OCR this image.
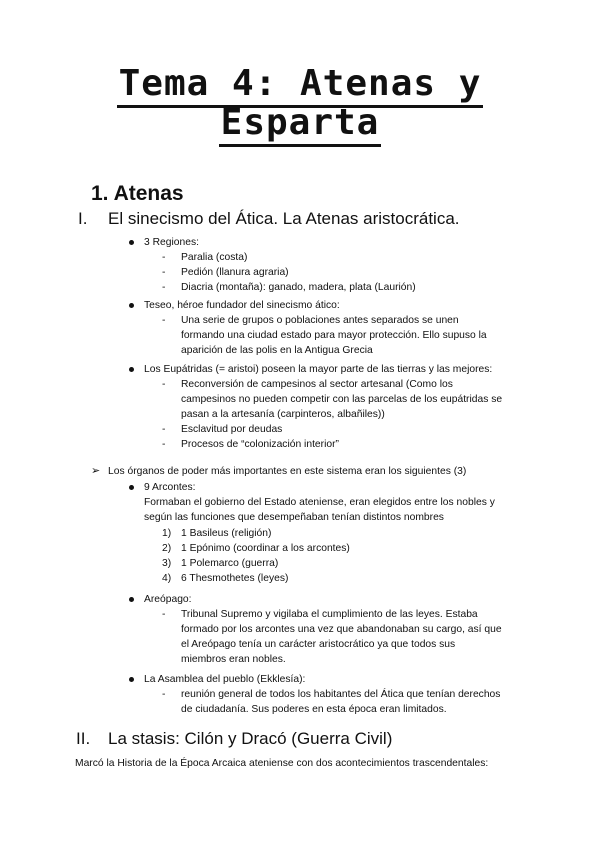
Tema 4: Atenas y
Esparta
1. Atenas
I. El sinecismo del Ática. La Atenas aristocrática.
3 Regiones:
- Paralia (costa)
- Pedión (llanura agraria)
- Diacria (montaña): ganado, madera, plata (Laurión)
Teseo, héroe fundador del sinecismo ático:
- Una serie de grupos o poblaciones antes separados se unen
formando una ciudad estado para mayor protección. Ello supuso la
aparición de las polis en la Antigua Grecia
Los Eupátridas (= aristoi) poseen la mayor parte de las tierras y las mejores:
- Reconversión de campesinos al sector artesanal (Como los
campesinos no pueden competir con las parcelas de los eupátridas se
pasan a la artesanía (carpinteros, albañiles))
- Esclavitud por deudas
- Procesos de “colonización interior”
➢ Los órganos de poder más importantes en este sistema eran los siguientes (3)
9 Arcontes:
Formaban el gobierno del Estado ateniense, eran elegidos entre los nobles y
según las funciones que desempeñaban tenían distintos nombres
1) 1 Basileus (religión)
2) 1 Epónimo (coordinar a los arcontes)
3) 1 Polemarco (guerra)
4) 6 Thesmothetes (leyes)
Areópago:
- Tribunal Supremo y vigilaba el cumplimiento de las leyes. Estaba
formado por los arcontes una vez que abandonaban su cargo, así que
el Areópago tenía un carácter aristocrático ya que todos sus
miembros eran nobles.
La Asamblea del pueblo (Ekklesía):
- reunión general de todos los habitantes del Ática que tenían derechos
de ciudadanía. Sus poderes en esta época eran limitados.
II. La stasis: Cilón y Dracó (Guerra Civil)
Marcó la Historia de la Época Arcaica ateniense con dos acontecimientos trascendentales:
